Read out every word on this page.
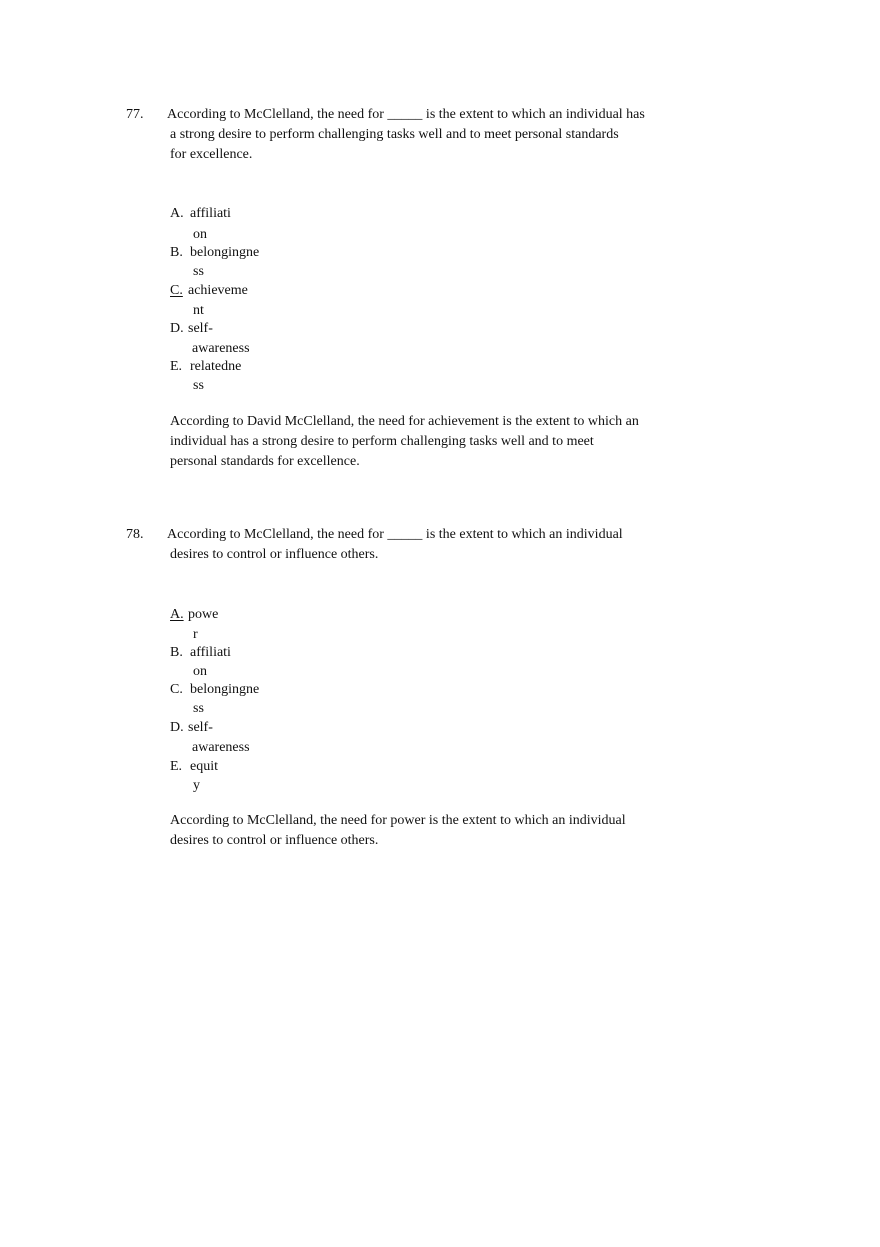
77. According to McClelland, the need for _____ is the extent to which an individual has
a strong desire to perform challenging tasks well and to meet personal standards
for excellence.
A. affiliati
on
B. belongingne
ss
C. achieveme
nt
D. self-
awareness
E. relatedne
ss
According to David McClelland, the need for achievement is the extent to which an
individual has a strong desire to perform challenging tasks well and to meet
personal standards for excellence.
78. According to McClelland, the need for _____ is the extent to which an individual
desires to control or influence others.
A. powe
r
B. affiliati
on
C. belongingne
ss
D. self-
awareness
E. equit
y
According to McClelland, the need for power is the extent to which an individual
desires to control or influence others.
